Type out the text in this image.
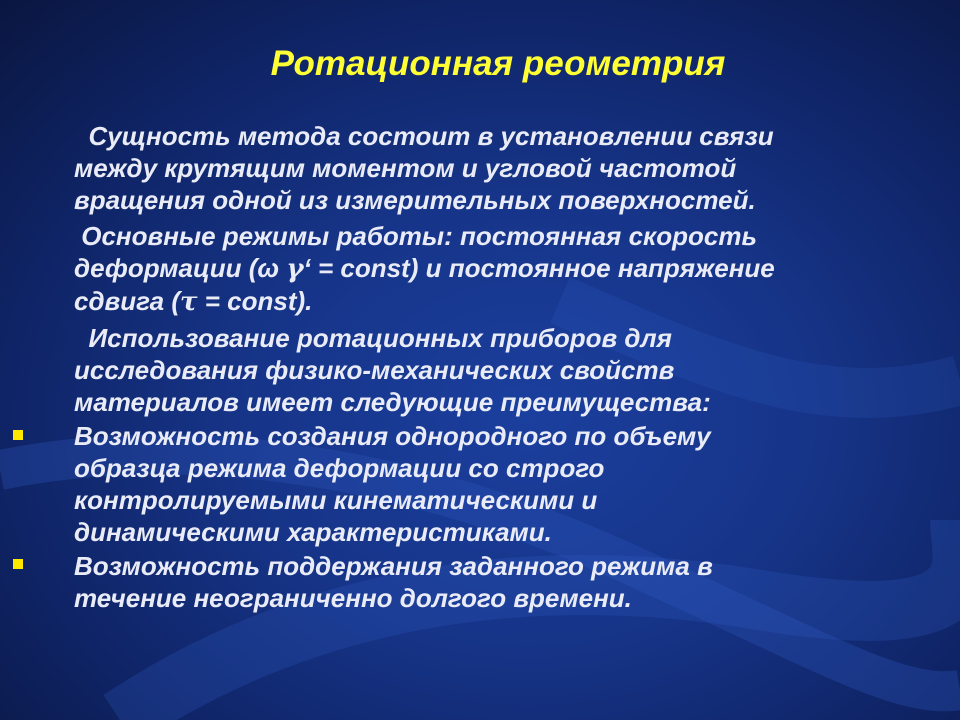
Ротационная реометрия
Сущность метода состоит в установлении связи
между крутящим моментом и угловой частотой
вращения одной из измерительных поверхностей.
Основные режимы работы: постоянная скорость
деформации (ω γ‘ = const) и постоянное напряжение
сдвига (τ = const).
Использование ротационных приборов для
исследования физико-механических свойств
материалов имеет следующие преимущества:
Возможность создания однородного по объему
образца режима деформации со строго
контролируемыми кинематическими и
динамическими характеристиками.
Возможность поддержания заданного режима в
течение неограниченно долгого времени.
